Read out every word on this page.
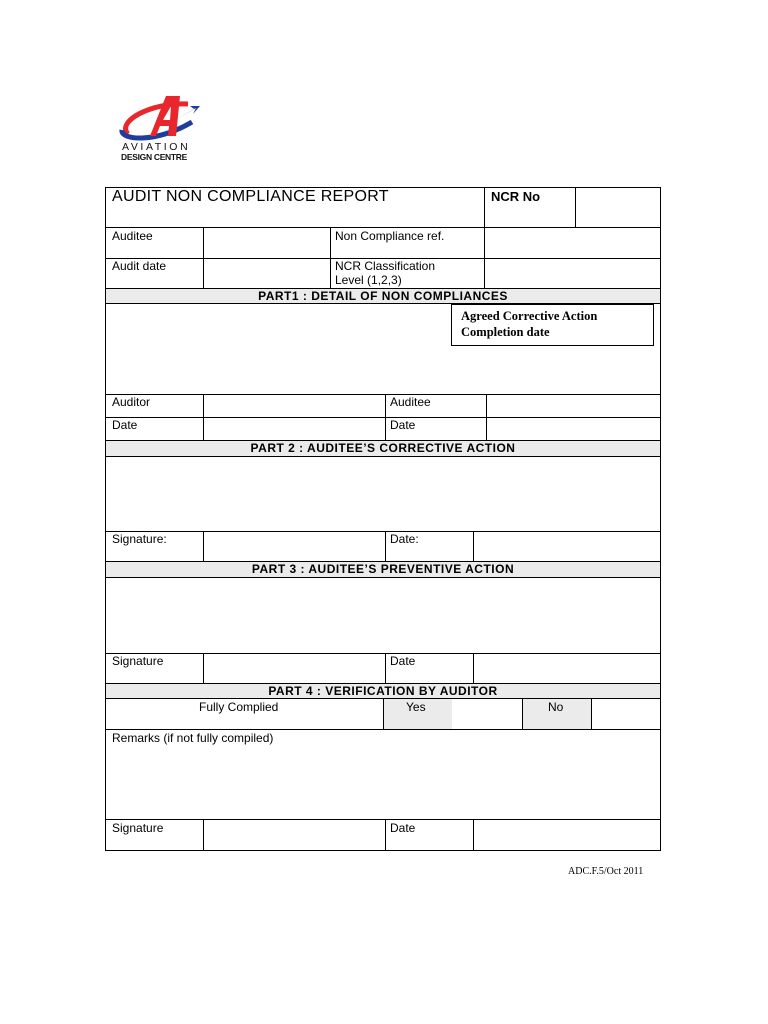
AVIATION
DESIGN CENTRE
AUDIT NON COMPLIANCE REPORT	NCR No
Auditee	Non Compliance ref.
Audit date	NCR Classification
Level (1,2,3)
PART1 : DETAIL OF NON COMPLIANCES
Agreed Corrective Action
Completion date
Auditor	Auditee
Date	Date
PART 2 : AUDITEE’S CORRECTIVE ACTION
Signature:	Date:
PART 3 : AUDITEE’S PREVENTIVE ACTION
Signature	Date
PART 4 : VERIFICATION BY AUDITOR
Fully Complied	Yes	No
Remarks (if not fully compiled)
Signature	Date
ADC.F.5/Oct 2011
